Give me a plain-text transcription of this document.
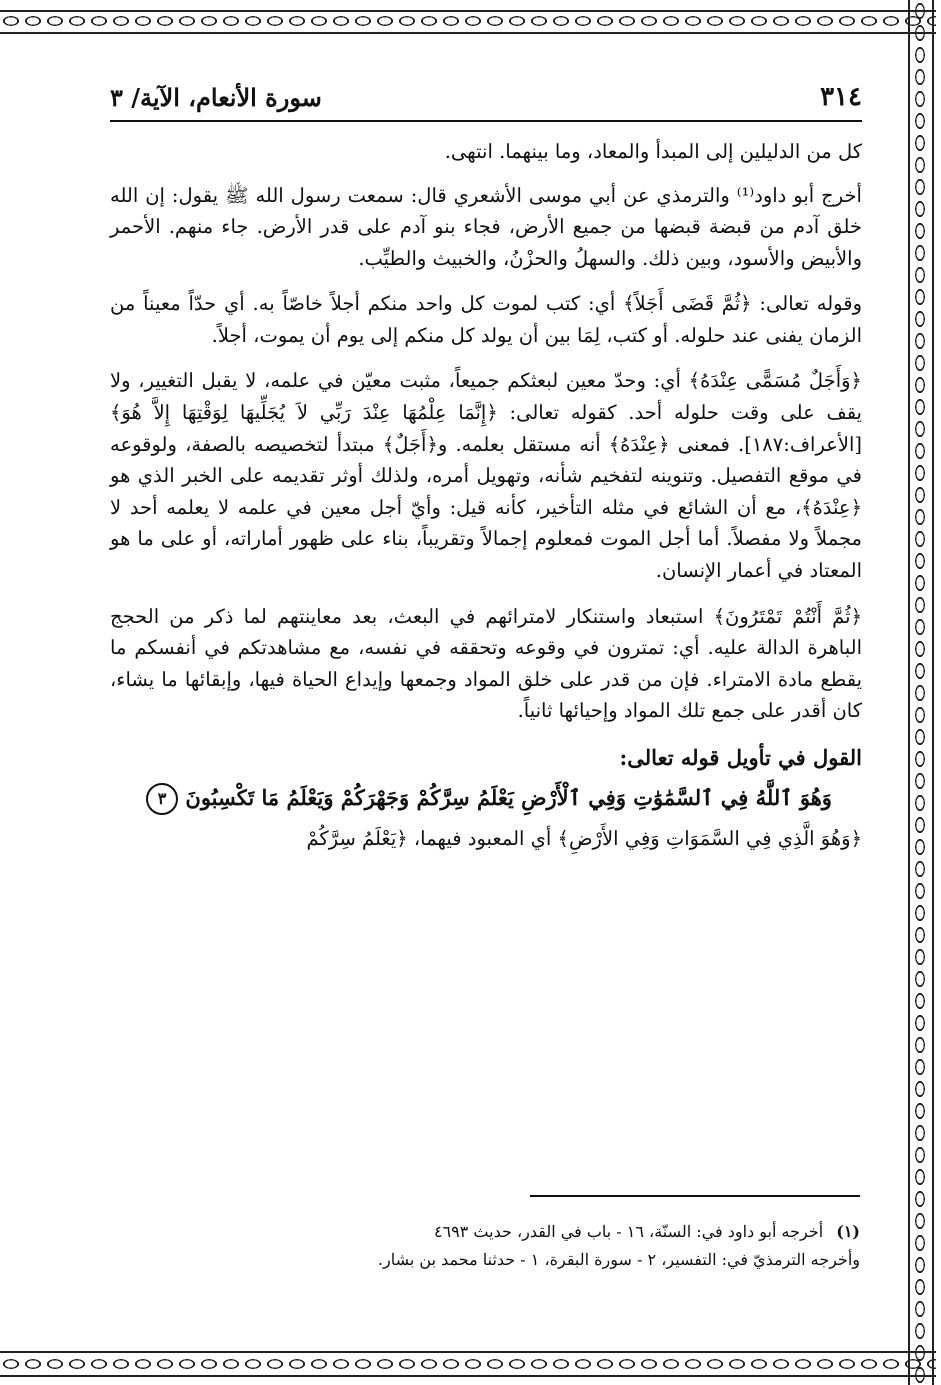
٣١٤
سورة الأنعام، الآية/ ٣

كل من الدليلين إلى المبدأ والمعاد، وما بينهما. انتهى.

أخرج أبو داود⁽¹⁾ والترمذي عن أبي موسى الأشعري قال: سمعت رسول الله ﷺ يقول: إن الله خلق آدم من قبضة قبضها من جميع الأرض، فجاء بنو آدم على قدر الأرض. جاء منهم. الأحمر والأبيض والأسود، وبين ذلك. والسهلُ والحزْنُ، والخبيث والطيِّب.

وقوله تعالى: ﴿ثُمَّ قَضَى أَجَلاً﴾ أي: كتب لموت كل واحد منكم أجلاً خاصّاً به. أي حدّاً معيناً من الزمان يفنى عند حلوله. أو كتب، لِمَا بين أن يولد كل منكم إلى يوم أن يموت، أجلاً.

﴿وَأَجَلٌ مُسَمًّى عِنْدَهُ﴾ أي: وحدّ معين لبعثكم جميعاً، مثبت معيّن في علمه، لا يقبل التغيير، ولا يقف على وقت حلوله أحد. كقوله تعالى: ﴿إِنَّمَا عِلْمُهَا عِنْدَ رَبِّي لاَ يُجَلِّيهَا لِوَقْتِهَا إِلاَّ هُوَ﴾[الأعراف:١٨٧]. فمعنى ﴿عِنْدَهُ﴾ أنه مستقل بعلمه. و﴿أَجَلٌ﴾ مبتدأ لتخصيصه بالصفة، ولوقوعه في موقع التفصيل. وتنوينه لتفخيم شأنه، وتهويل أمره، ولذلك أوثر تقديمه على الخبر الذي هو ﴿عِنْدَهُ﴾، مع أن الشائع في مثله التأخير، كأنه قيل: وأيّ أجل معين في علمه لا يعلمه أحد لا مجملاً ولا مفصلاً. أما أجل الموت فمعلوم إجمالاً وتقريباً، بناء على ظهور أماراته، أو على ما هو المعتاد في أعمار الإنسان.

﴿ثُمَّ أَنْتُمْ تَمْتَرُونَ﴾ استبعاد واستنكار لامترائهم في البعث، بعد معاينتهم لما ذكر من الحجج الباهرة الدالة عليه. أي: تمترون في وقوعه وتحققه في نفسه، مع مشاهدتكم في أنفسكم ما يقطع مادة الامتراء. فإن من قدر على خلق المواد وجمعها وإيداع الحياة فيها، وإبقائها ما يشاء، كان أقدر على جمع تلك المواد وإحيائها ثانياً.

القول في تأويل قوله تعالى:
وَهُوَ ٱللَّهُ فِي ٱلسَّمَٰوَٰتِ وَفِي ٱلْأَرْضِ يَعْلَمُ سِرَّكُمْ وَجَهْرَكُمْ وَيَعْلَمُ مَا تَكْسِبُونَ ٣

﴿وَهُوَ الَّذِي فِي السَّمَوَاتِ وَفِي الأَرْضِ﴾ أي المعبود فيهما، ﴿يَعْلَمُ سِرَّكُمْ

(١) أخرجه أبو داود في: السنّة، ١٦ - باب في القدر، حديث ٤٦٩٣

وأخرجه الترمذيّ في: التفسير، ٢ - سورة البقرة، ١ - حدثنا محمد بن بشار.
